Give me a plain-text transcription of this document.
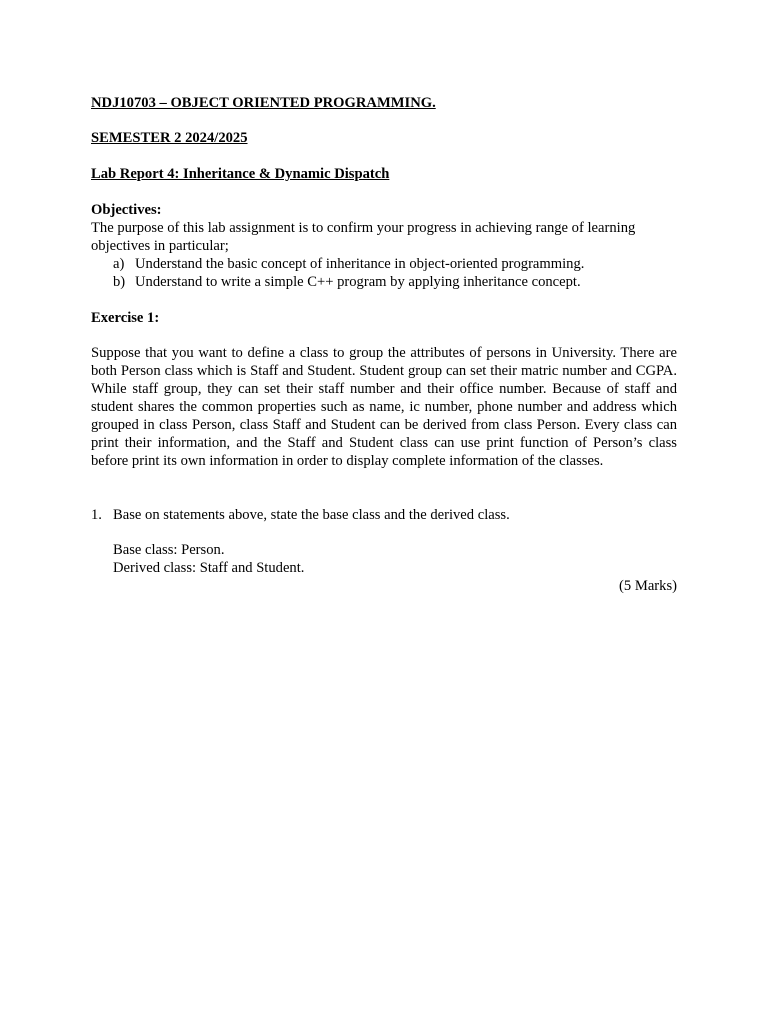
NDJ10703 – OBJECT ORIENTED PROGRAMMING.

SEMESTER 2 2024/2025

Lab Report 4: Inheritance & Dynamic Dispatch

Objectives:

The purpose of this lab assignment is to confirm your progress in achieving range of learning objectives in particular;

a) Understand the basic concept of inheritance in object-oriented programming.
b) Understand to write a simple C++ program by applying inheritance concept.

Exercise 1:

Suppose that you want to define a class to group the attributes of persons in University. There are both Person class which is Staff and Student. Student group can set their matric number and CGPA. While staff group, they can set their staff number and their office number. Because of staff and student shares the common properties such as name, ic number, phone number and address which grouped in class Person, class Staff and Student can be derived from class Person. Every class can print their information, and the Staff and Student class can use print function of Person’s class before print its own information in order to display complete information of the classes.

1. Base on statements above, state the base class and the derived class.

Base class: Person.

Derived class: Staff and Student.

(5 Marks)
